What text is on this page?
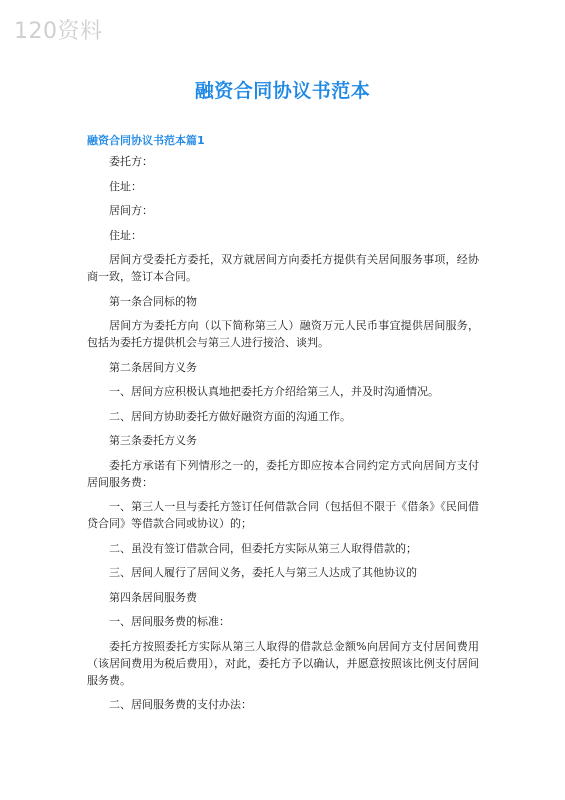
120资料
融资合同协议书范本
融资合同协议书范本篇1

委托方：

住址：

居间方：

住址：

居间方受委托方委托，双方就居间方向委托方提供有关居间服务事项，经协商一致，签订本合同。

第一条合同标的物

居间方为委托方向（以下简称第三人）融资万元人民币事宜提供居间服务，包括为委托方提供机会与第三人进行接洽、谈判。

第二条居间方义务

一、居间方应积极认真地把委托方介绍给第三人，并及时沟通情况。

二、居间方协助委托方做好融资方面的沟通工作。

第三条委托方义务

委托方承诺有下列情形之一的，委托方即应按本合同约定方式向居间方支付居间服务费：

一、第三人一旦与委托方签订任何借款合同（包括但不限于《借条》《民间借贷合同》等借款合同或协议）的；

二、虽没有签订借款合同，但委托方实际从第三人取得借款的；

三、居间人履行了居间义务，委托人与第三人达成了其他协议的

第四条居间服务费

一、居间服务费的标准：

委托方按照委托方实际从第三人取得的借款总金额%向居间方支付居间费用（该居间费用为税后费用），对此，委托方予以确认，并愿意按照该比例支付居间服务费。

二、居间服务费的支付办法：
